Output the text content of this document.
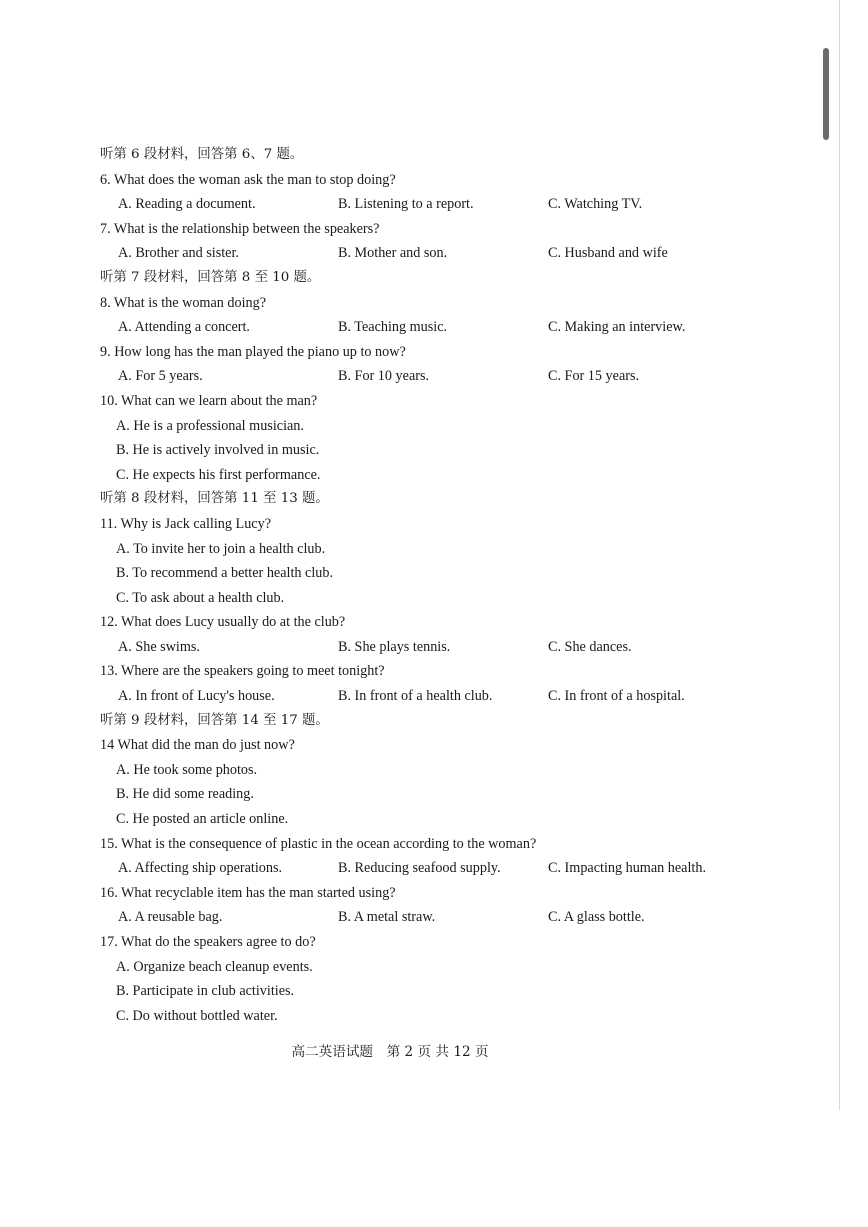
听第 6 段材料，回答第 6、7 题。
6. What does the woman ask the man to stop doing?
A. Reading a document.	B. Listening to a report.	C. Watching TV.
7. What is the relationship between the speakers?
A. Brother and sister.	B. Mother and son.	C. Husband and wife
听第 7 段材料，回答第 8 至 10 题。
8. What is the woman doing?
A. Attending a concert.	B. Teaching music.	C. Making an interview.
9. How long has the man played the piano up to now?
A. For 5 years.	B. For 10 years.	C. For 15 years.
10. What can we learn about the man?
A. He is a professional musician.
B. He is actively involved in music.
C. He expects his first performance.
听第 8 段材料，回答第 11 至 13 题。
11. Why is Jack calling Lucy?
A. To invite her to join a health club.
B. To recommend a better health club.
C. To ask about a health club.
12. What does Lucy usually do at the club?
A. She swims.	B. She plays tennis.	C. She dances.
13. Where are the speakers going to meet tonight?
A. In front of Lucy's house.	B. In front of a health club.	C. In front of a hospital.
听第 9 段材料，回答第 14 至 17 题。
14 What did the man do just now?
A. He took some photos.
B. He did some reading.
C. He posted an article online.
15. What is the consequence of plastic in the ocean according to the woman?
A. Affecting ship operations.	B. Reducing seafood supply.	C. Impacting human health.
16. What recyclable item has the man started using?
A. A reusable bag.	B. A metal straw.	C. A glass bottle.
17. What do the speakers agree to do?
A. Organize beach cleanup events.
B. Participate in club activities.
C. Do without bottled water.
高二英语试题　第 2 页 共 12 页
